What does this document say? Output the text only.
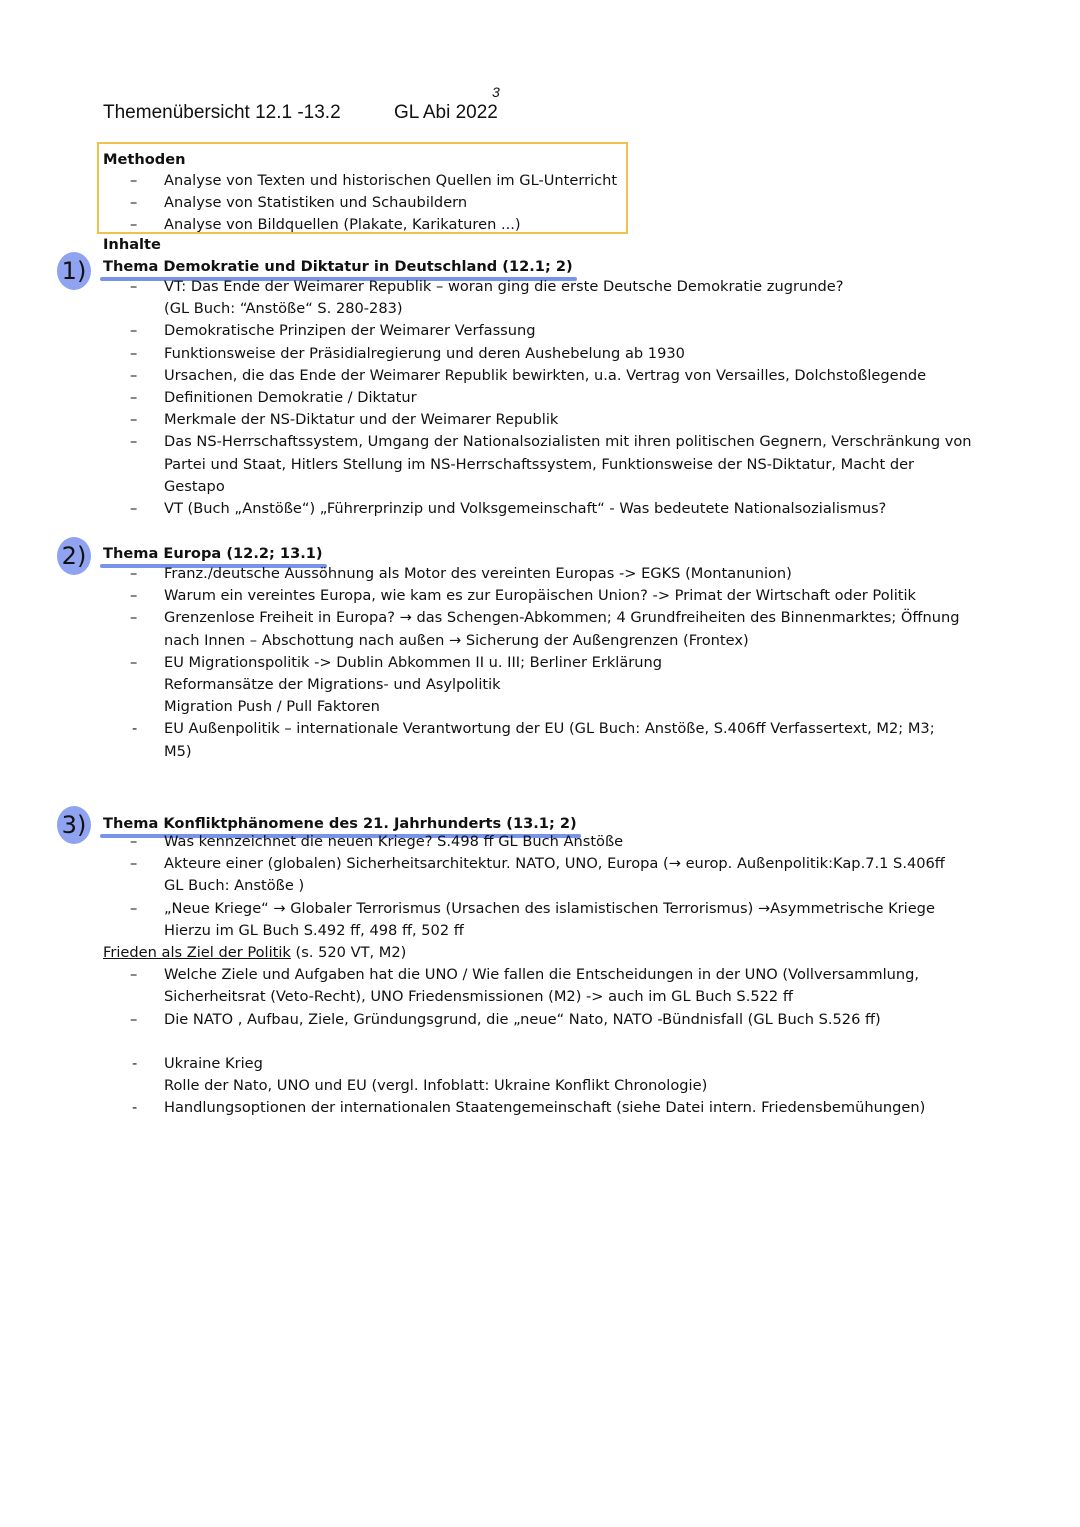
Themenübersicht 12.1 -13.2	GL Abi 2022
3
Methoden
– Analyse von Texten und historischen Quellen im GL-Unterricht
– Analyse von Statistiken und Schaubildern
– Analyse von Bildquellen (Plakate, Karikaturen ...)
Inhalte
1)	Thema Demokratie und Diktatur in Deutschland (12.1; 2)
– VT: Das Ende der Weimarer Republik – woran ging die erste Deutsche Demokratie zugrunde?
(GL Buch: “Anstöße“ S. 280-283)
– Demokratische Prinzipen der Weimarer Verfassung
– Funktionsweise der Präsidialregierung und deren Aushebelung ab 1930
– Ursachen, die das Ende der Weimarer Republik bewirkten, u.a. Vertrag von Versailles, Dolchstoßlegende
– Definitionen Demokratie / Diktatur
– Merkmale der NS-Diktatur und der Weimarer Republik
– Das NS-Herrschaftssystem, Umgang der Nationalsozialisten mit ihren politischen Gegnern, Verschränkung von
Partei und Staat, Hitlers Stellung im NS-Herrschaftssystem, Funktionsweise der NS-Diktatur, Macht der
Gestapo
– VT (Buch „Anstöße“) „Führerprinzip und Volksgemeinschaft“ - Was bedeutete Nationalsozialismus?
2)	Thema Europa (12.2; 13.1)
– Franz./deutsche Aussöhnung als Motor des vereinten Europas -> EGKS (Montanunion)
– Warum ein vereintes Europa, wie kam es zur Europäischen Union? -> Primat der Wirtschaft oder Politik
– Grenzenlose Freiheit in Europa? → das Schengen-Abkommen; 4 Grundfreiheiten des Binnenmarktes; Öffnung
nach Innen – Abschottung nach außen → Sicherung der Außengrenzen (Frontex)
– EU Migrationspolitik -> Dublin Abkommen II u. III; Berliner Erklärung
Reformansätze der Migrations- und Asylpolitik
Migration Push / Pull Faktoren
- EU Außenpolitik – internationale Verantwortung der EU (GL Buch: Anstöße, S.406ff Verfassertext, M2; M3;
M5)
3)	Thema Konfliktphänomene des 21. Jahrhunderts (13.1; 2)
– Was kennzeichnet die neuen Kriege? S.498 ff GL Buch Anstöße
– Akteure einer (globalen) Sicherheitsarchitektur. NATO, UNO, Europa (→ europ. Außenpolitik:Kap.7.1 S.406ff
GL Buch: Anstöße )
– „Neue Kriege“ → Globaler Terrorismus (Ursachen des islamistischen Terrorismus) →Asymmetrische Kriege
Hierzu im GL Buch S.492 ff, 498 ff, 502 ff
Frieden als Ziel der Politik (s. 520 VT, M2)
– Welche Ziele und Aufgaben hat die UNO / Wie fallen die Entscheidungen in der UNO (Vollversammlung,
Sicherheitsrat (Veto-Recht), UNO Friedensmissionen (M2) -> auch im GL Buch S.522 ff
– Die NATO , Aufbau, Ziele, Gründungsgrund, die „neue“ Nato, NATO -Bündnisfall (GL Buch S.526 ff)
- Ukraine Krieg
Rolle der Nato, UNO und EU (vergl. Infoblatt: Ukraine Konflikt Chronologie)
- Handlungsoptionen der internationalen Staatengemeinschaft (siehe Datei intern. Friedensbemühungen)
